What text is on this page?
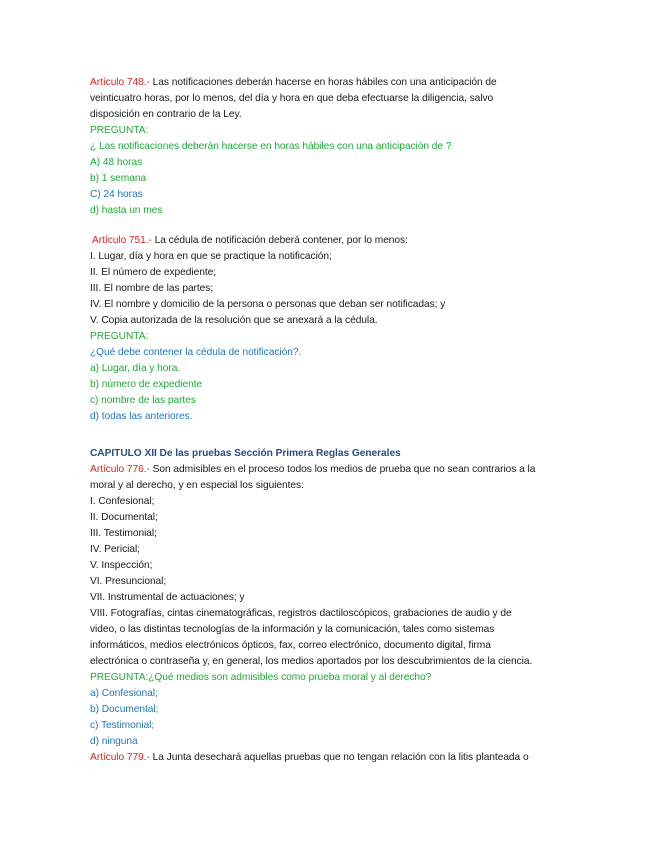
Artículo 748.- Las notificaciones deberán hacerse en horas hábiles con una anticipación de
veinticuatro horas, por lo menos, del día y hora en que deba efectuarse la diligencia, salvo
disposición en contrario de la Ley.
PREGUNTA:
¿ Las notificaciones deberán hacerse en horas hábiles con una anticipación de ?
A) 48 horas
b) 1 semana
C) 24 horas
d) hasta un mes
Artículo 751.- La cédula de notificación deberá contener, por lo menos:
I. Lugar, día y hora en que se practique la notificación;
II. El número de expediente;
III. El nombre de las partes;
IV. El nombre y domicilio de la persona o personas que deban ser notificadas; y
V. Copia autorizada de la resolución que se anexará a la cédula.
PREGUNTA:
¿Qué debe contener la cédula de notificación?.
a) Lugar, día y hora.
b) número de expediente
c) nombre de las partes
d) todas las anteriores.
CAPITULO XII De las pruebas Sección Primera Reglas Generales
Artículo 776.- Son admisibles en el proceso todos los medios de prueba que no sean contrarios a la
moral y al derecho, y en especial los siguientes:
I. Confesional;
II. Documental;
III. Testimonial;
IV. Pericial;
V. Inspección;
VI. Presuncional;
VII. Instrumental de actuaciones; y
VIII. Fotografías, cintas cinematográficas, registros dactiloscópicos, grabaciones de audio y de
video, o las distintas tecnologías de la información y la comunicación, tales como sistemas
informáticos, medios electrónicos ópticos, fax, correo electrónico, documento digital, firma
electrónica o contraseña y, en general, los medios aportados por los descubrimientos de la ciencia.
PREGUNTA:¿Qué medios son admisibles como prueba moral y al derecho?
a) Confesional;
b) Documental;
c) Testimonial;
d) ninguna
Artículo 779.- La Junta desechará aquellas pruebas que no tengan relación con la litis planteada o
